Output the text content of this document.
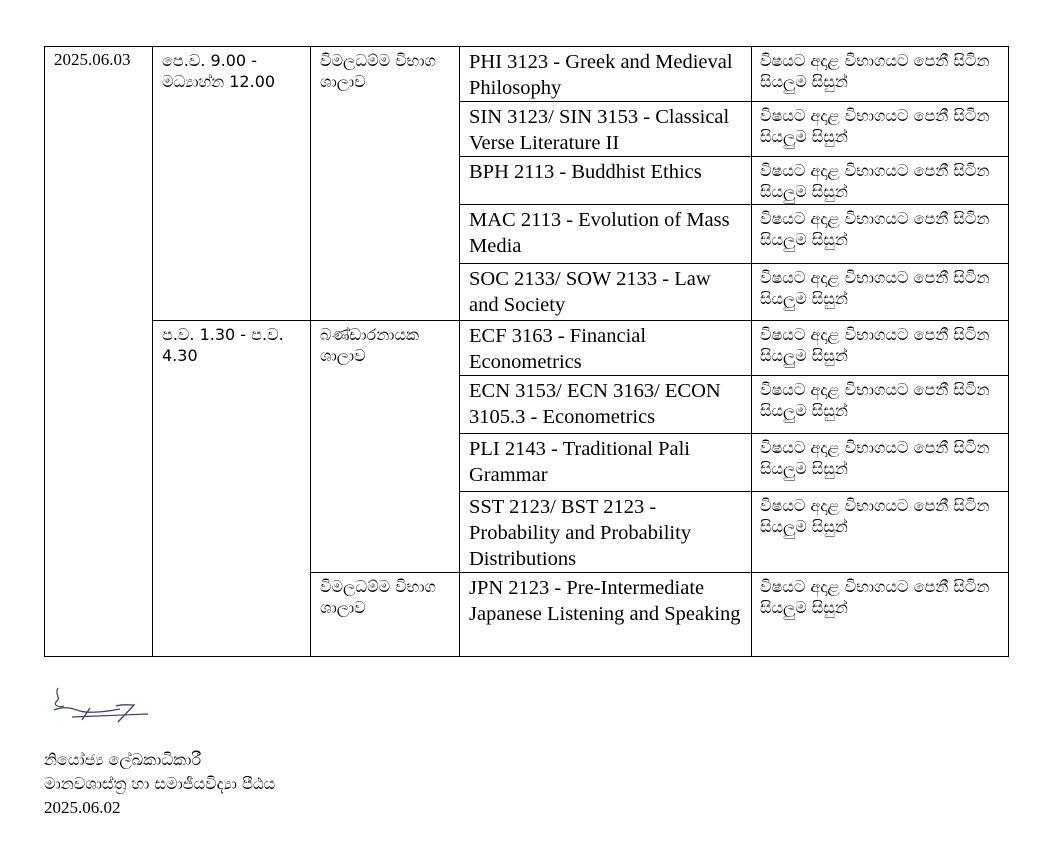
2025.06.03	පෙ.ව. 9.00 - මධ්‍යාහ්න 12.00	විමලධම්ම විභාග ශාලාව	PHI 3123 - Greek and Medieval Philosophy	විෂයට අදාළ විභාගයට පෙනී සිටින සියලුම සිසුන්
			SIN 3123/ SIN 3153 - Classical Verse Literature II	විෂයට අදාළ විභාගයට පෙනී සිටින සියලුම සිසුන්
			BPH 2113 - Buddhist Ethics	විෂයට අදාළ විභාගයට පෙනී සිටින සියලුම සිසුන්
			MAC 2113 - Evolution of Mass Media	විෂයට අදාළ විභාගයට පෙනී සිටින සියලුම සිසුන්
			SOC 2133/ SOW 2133 - Law and Society	විෂයට අදාළ විභාගයට පෙනී සිටින සියලුම සිසුන්
	ප.ව. 1.30 - ප.ව. 4.30	බණ්ඩාරනායක ශාලාව	ECF 3163 - Financial Econometrics	විෂයට අදාළ විභාගයට පෙනී සිටින සියලුම සිසුන්
			ECN 3153/ ECN 3163/ ECON 3105.3 - Econometrics	විෂයට අදාළ විභාගයට පෙනී සිටින සියලුම සිසුන්
			PLI 2143 - Traditional Pali Grammar	විෂයට අදාළ විභාගයට පෙනී සිටින සියලුම සිසුන්
			SST 2123/ BST 2123 - Probability and Probability Distributions	විෂයට අදාළ විභාගයට පෙනී සිටින සියලුම සිසුන්
		විමලධම්ම විභාග ශාලාව	JPN 2123 - Pre-Intermediate Japanese Listening and Speaking	විෂයට අදාළ විභාගයට පෙනී සිටින සියලුම සිසුන්
නියෝජ්‍ය ලේඛකාධිකාරී
මානවශාස්ත්‍ර හා සමාජීයවිද්‍යා පීඨය
2025.06.02
